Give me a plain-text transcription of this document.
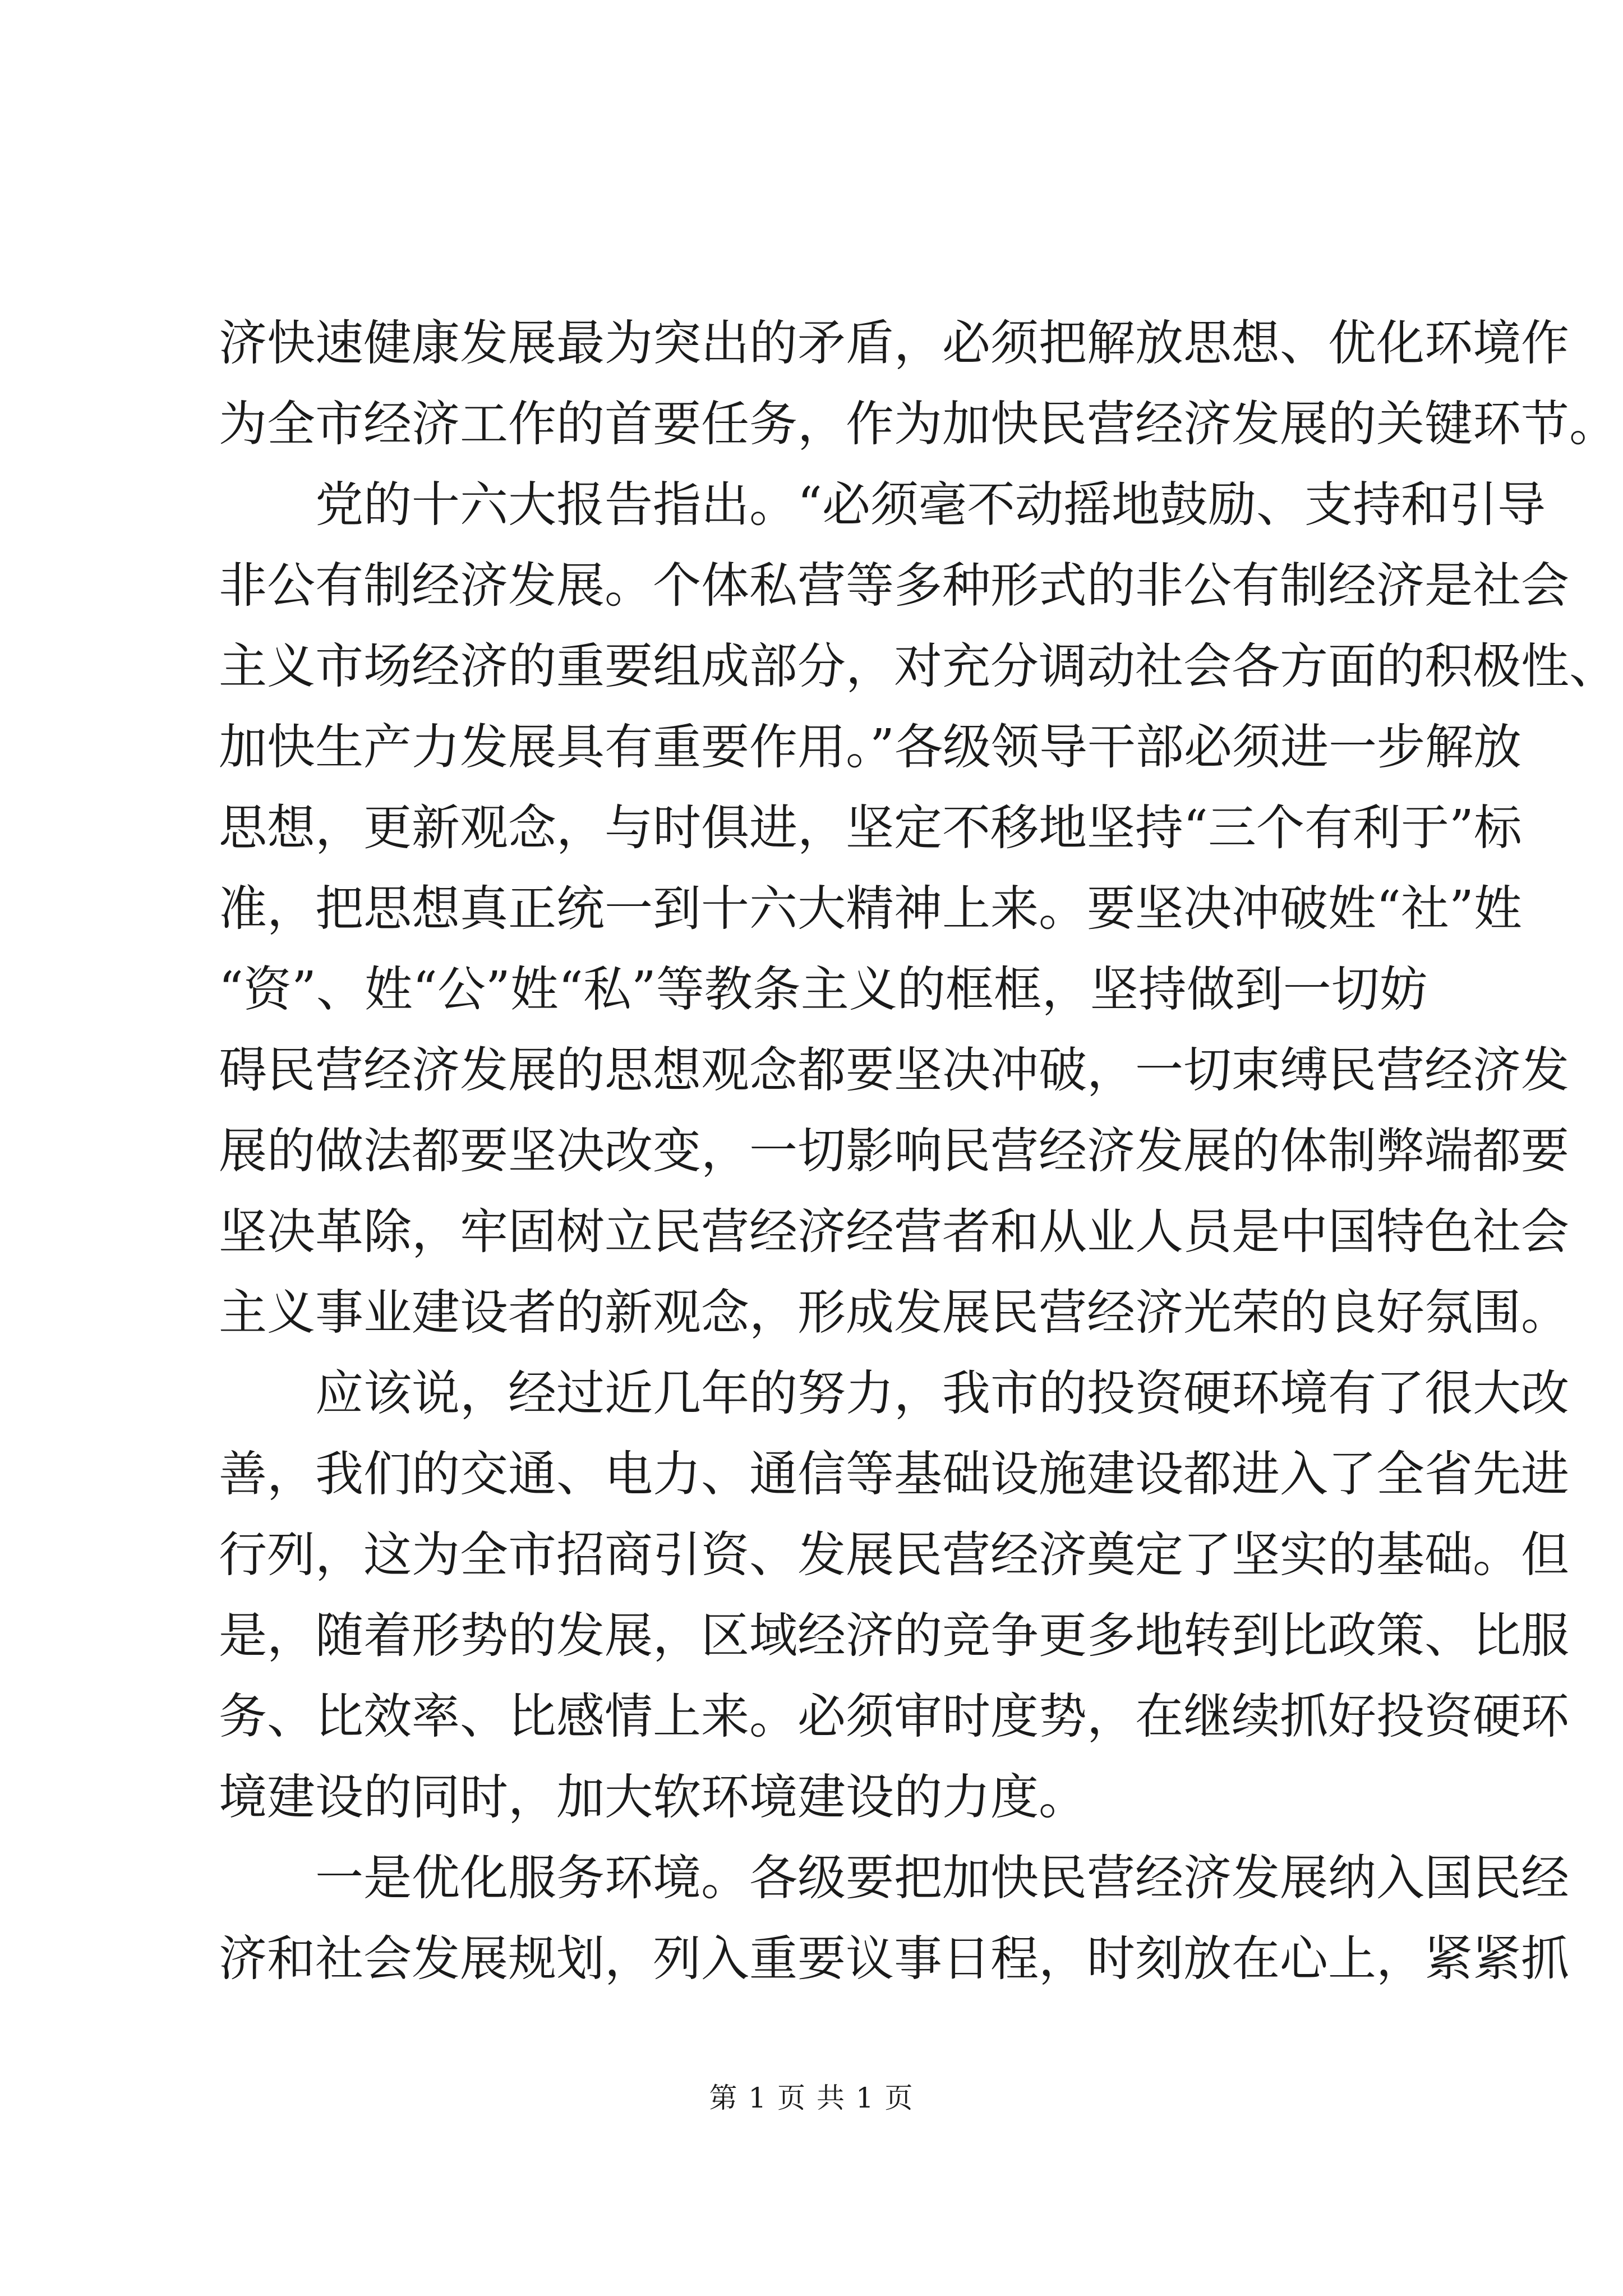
济快速健康发展最为突出的矛盾，必须把解放思想、优化环境作
为全市经济工作的首要任务，作为加快民营经济发展的关键环节。
党的十六大报告指出。“必须毫不动摇地鼓励、支持和引导
非公有制经济发展。个体私营等多种形式的非公有制经济是社会
主义市场经济的重要组成部分，对充分调动社会各方面的积极性、
加快生产力发展具有重要作用。”各级领导干部必须进一步解放
思想，更新观念，与时俱进，坚定不移地坚持“三个有利于”标
准，把思想真正统一到十六大精神上来。要坚决冲破姓“社”姓
“资”、姓“公”姓“私”等教条主义的框框，坚持做到一切妨
碍民营经济发展的思想观念都要坚决冲破，一切束缚民营经济发
展的做法都要坚决改变，一切影响民营经济发展的体制弊端都要
坚决革除，牢固树立民营经济经营者和从业人员是中国特色社会
主义事业建设者的新观念，形成发展民营经济光荣的良好氛围。
应该说，经过近几年的努力，我市的投资硬环境有了很大改
善，我们的交通、电力、通信等基础设施建设都进入了全省先进
行列，这为全市招商引资、发展民营经济奠定了坚实的基础。但
是，随着形势的发展，区域经济的竞争更多地转到比政策、比服
务、比效率、比感情上来。必须审时度势，在继续抓好投资硬环
境建设的同时，加大软环境建设的力度。
一是优化服务环境。各级要把加快民营经济发展纳入国民经
济和社会发展规划，列入重要议事日程，时刻放在心上，紧紧抓
第 1 页 共 1 页
